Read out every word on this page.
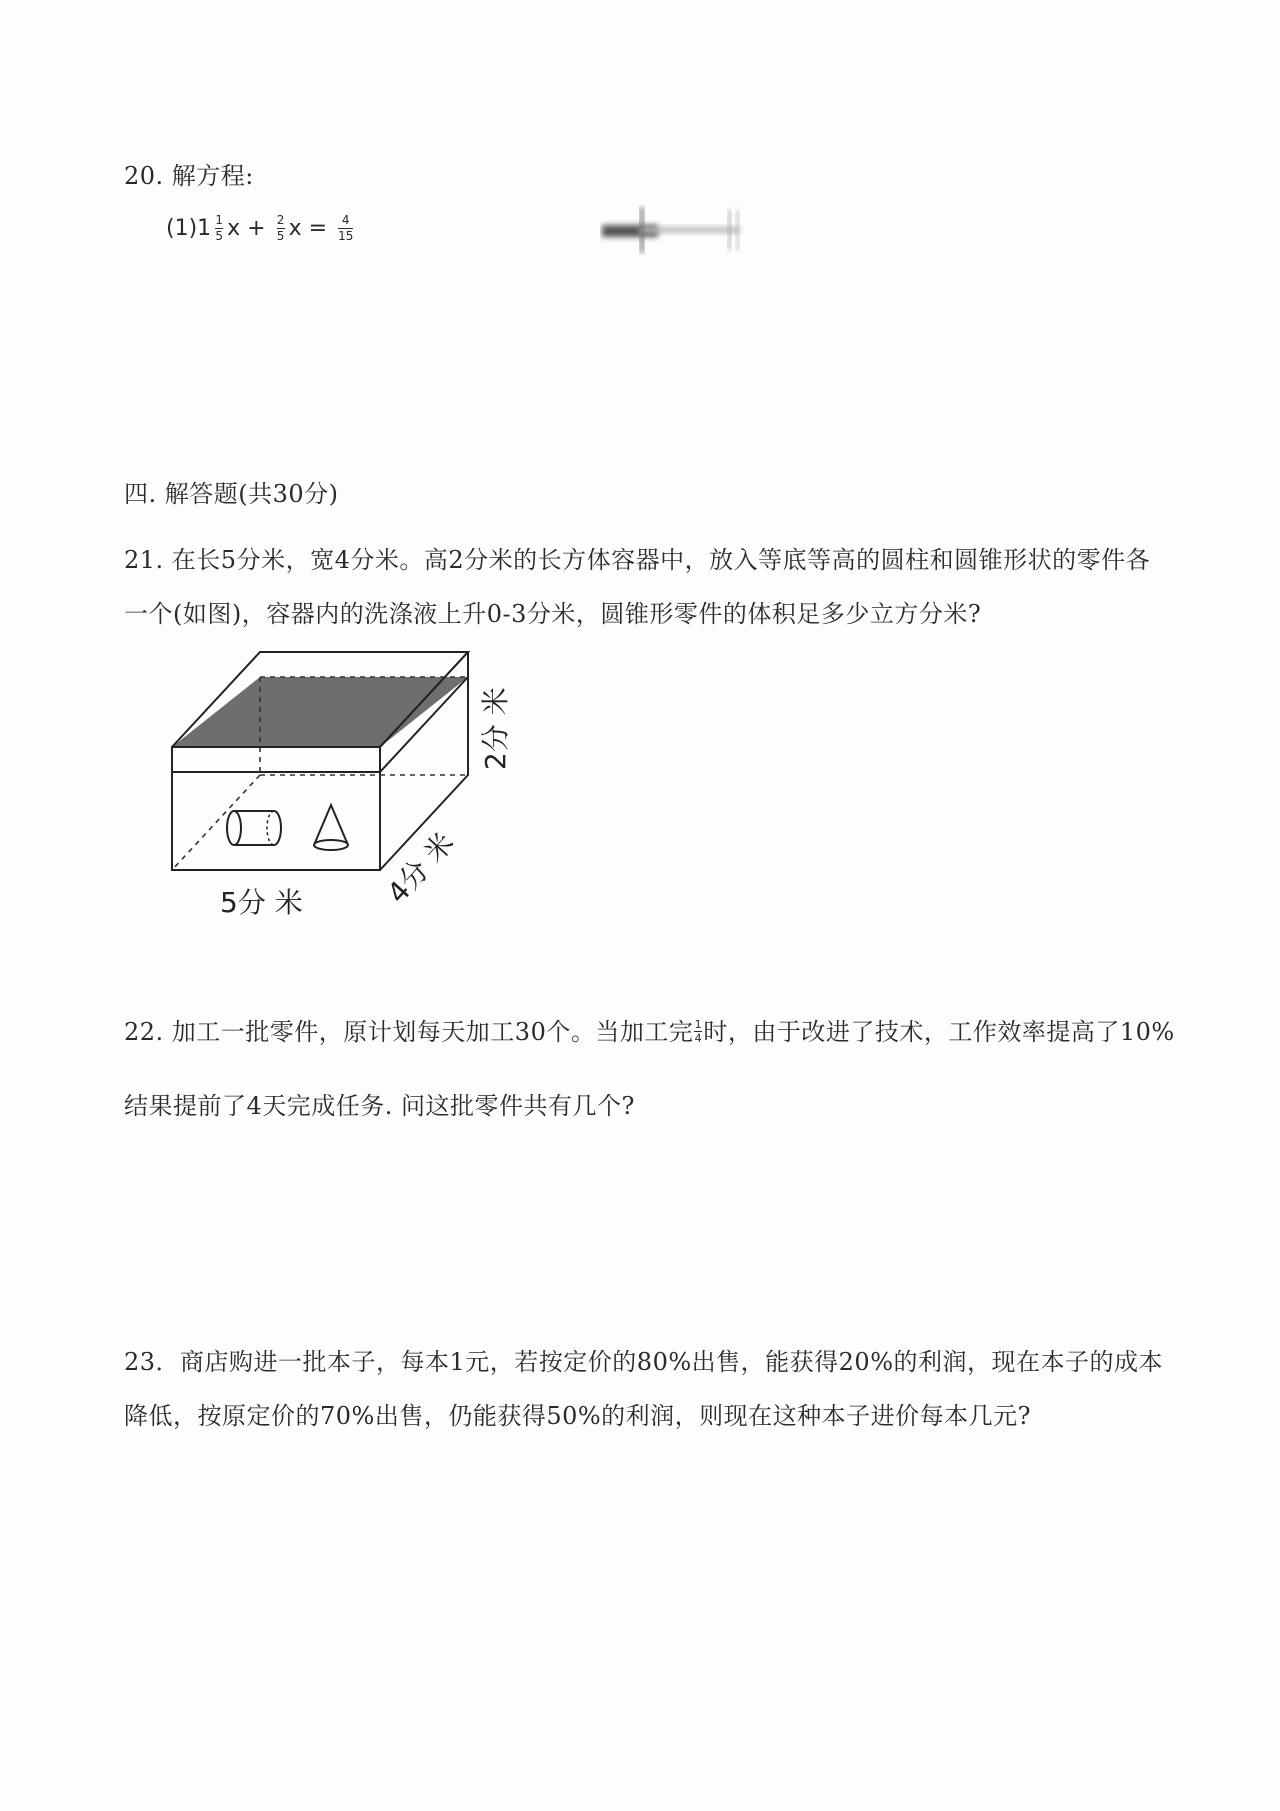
20. 解方程:
$(1)1 \frac{1}{5}$ $x + \frac{2}{5}$ $x = \frac{4}{15}$
四. 解答题(共30分)
21. 在长5分米，宽4分米。高2分米的长方体容器中，放入等底等高的圆柱和圆锥形状的零件各
一个(如图)，容器内的洗涤液上升0-3分米，圆锥形零件的体积足多少立方分米?
5分 米	4分 米
2分 米
22. 加工一批零件，原计划每天加工30个。当加工完 $\frac{1}{4}$ 时，由于改进了技术，工作效率提高了10%
结果提前了4天完成任务. 问这批零件共有几个?
23．商店购进一批本子，每本1元，若按定价的80%出售，能获得20%的利润，现在本子的成本
降低，按原定价的70%出售，仍能获得50%的利润，则现在这种本子进价每本几元?
